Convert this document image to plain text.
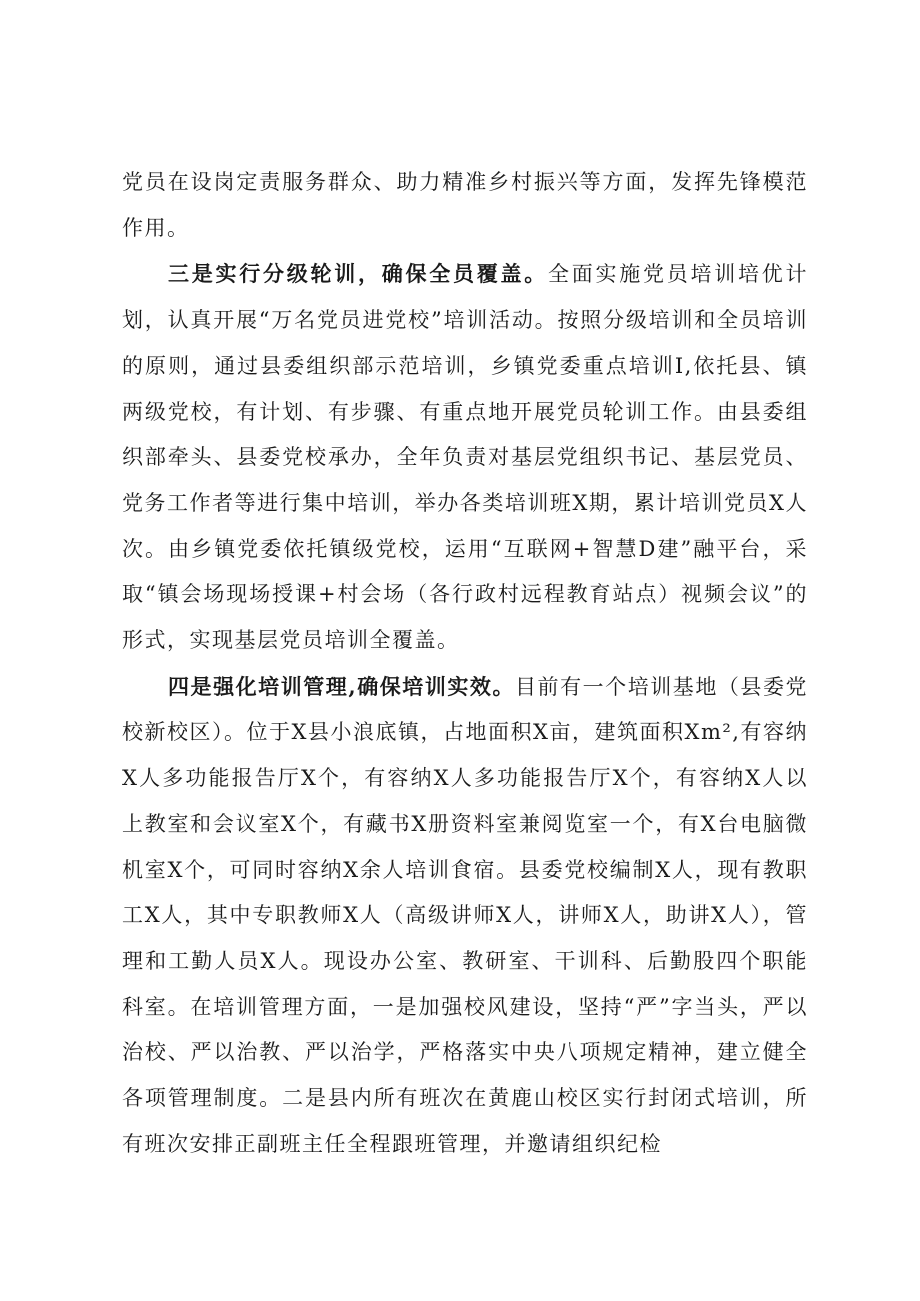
党员在设岗定责服务群众、助力精准乡村振兴等方面，发挥先锋模范作用。

三是实行分级轮训，确保全员覆盖。全面实施党员培训培优计划，认真开展“万名党员进党校”培训活动。按照分级培训和全员培训的原则，通过县委组织部示范培训，乡镇党委重点培训I,依托县、镇两级党校，有计划、有步骤、有重点地开展党员轮训工作。由县委组织部牵头、县委党校承办，全年负责对基层党组织书记、基层党员、党务工作者等进行集中培训，举办各类培训班X期，累计培训党员X人次。由乡镇党委依托镇级党校，运用“互联网+智慧D建”融平台，采取“镇会场现场授课+村会场（各行政村远程教育站点）视频会议”的形式，实现基层党员培训全覆盖。

四是强化培训管理,确保培训实效。目前有一个培训基地（县委党校新校区）。位于X县小浪底镇，占地面积X亩，建筑面积Xm²,有容纳X人多功能报告厅X个，有容纳X人多功能报告厅X个，有容纳X人以上教室和会议室X个，有藏书X册资料室兼阅览室一个，有X台电脑微机室X个，可同时容纳X余人培训食宿。县委党校编制X人，现有教职工X人，其中专职教师X人（高级讲师X人，讲师X人，助讲X人），管理和工勤人员X人。现设办公室、教研室、干训科、后勤股四个职能科室。在培训管理方面，一是加强校风建设，坚持“严”字当头，严以治校、严以治教、严以治学，严格落实中央八项规定精神，建立健全各项管理制度。二是县内所有班次在黄鹿山校区实行封闭式培训，所有班次安排正副班主任全程跟班管理，并邀请组织纪检
